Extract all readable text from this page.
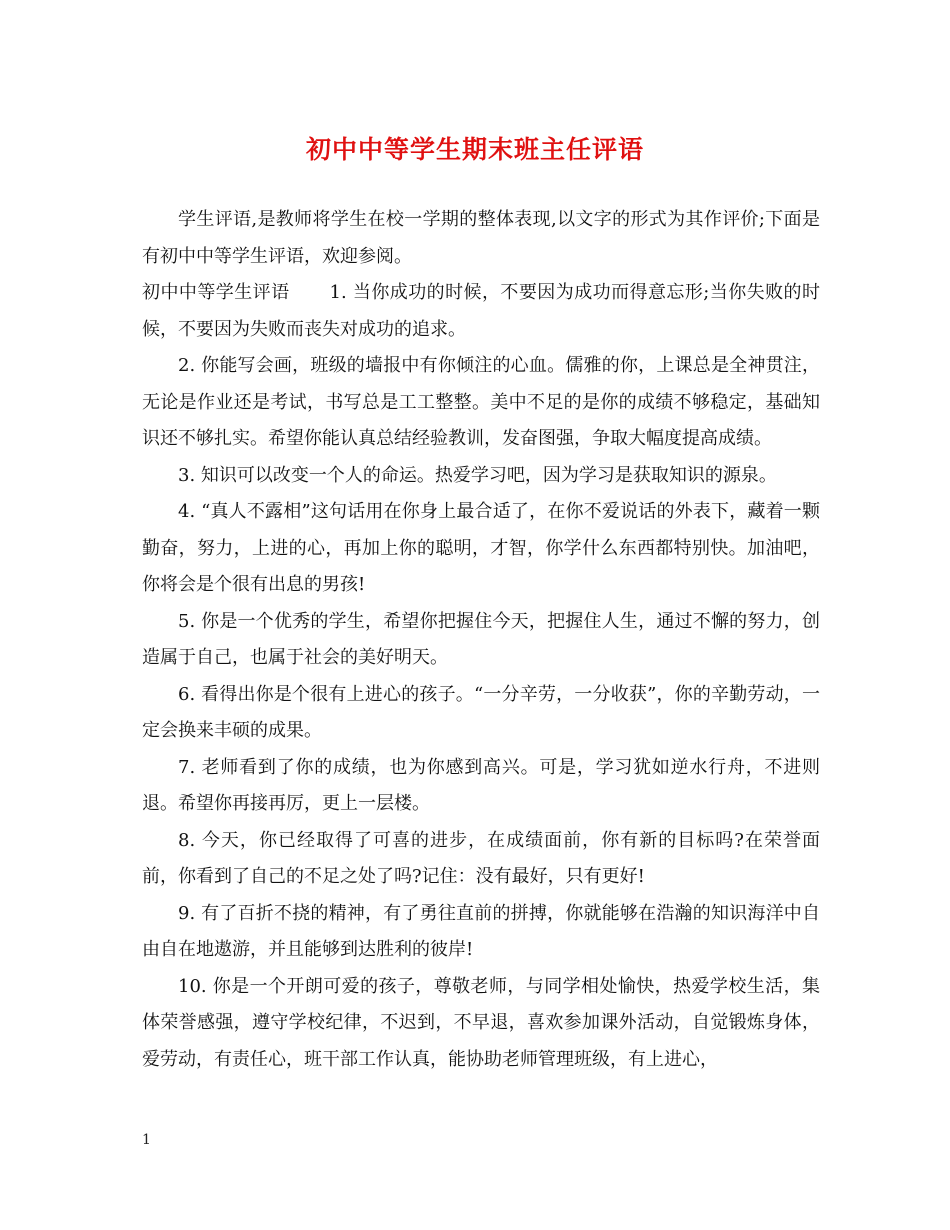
初中中等学生期末班主任评语

学生评语,是教师将学生在校一学期的整体表现,以文字的形式为其作评价;下面是有初中中等学生评语，欢迎参阅。

初中中等学生评语 1. 当你成功的时候，不要因为成功而得意忘形;当你失败的时候，不要因为失败而丧失对成功的追求。

2. 你能写会画，班级的墙报中有你倾注的心血。儒雅的你，上课总是全神贯注，无论是作业还是考试，书写总是工工整整。美中不足的是你的成绩不够稳定，基础知识还不够扎实。希望你能认真总结经验教训，发奋图强，争取大幅度提高成绩。

3. 知识可以改变一个人的命运。热爱学习吧，因为学习是获取知识的源泉。

4. “真人不露相”这句话用在你身上最合适了，在你不爱说话的外表下，藏着一颗勤奋，努力，上进的心，再加上你的聪明，才智，你学什么东西都特别快。加油吧，你将会是个很有出息的男孩!

5. 你是一个优秀的学生，希望你把握住今天，把握住人生，通过不懈的努力，创造属于自己，也属于社会的美好明天。

6. 看得出你是个很有上进心的孩子。“一分辛劳，一分收获”，你的辛勤劳动，一定会换来丰硕的成果。

7. 老师看到了你的成绩，也为你感到高兴。可是，学习犹如逆水行舟，不进则退。希望你再接再厉，更上一层楼。

8. 今天，你已经取得了可喜的进步，在成绩面前，你有新的目标吗?在荣誉面前，你看到了自己的不足之处了吗?记住：没有最好，只有更好!

9. 有了百折不挠的精神，有了勇往直前的拼搏，你就能够在浩瀚的知识海洋中自由自在地遨游，并且能够到达胜利的彼岸!

10. 你是一个开朗可爱的孩子，尊敬老师，与同学相处愉快，热爱学校生活，集体荣誉感强，遵守学校纪律，不迟到，不早退，喜欢参加课外活动，自觉锻炼身体，爱劳动，有责任心，班干部工作认真，能协助老师管理班级，有上进心，

1
